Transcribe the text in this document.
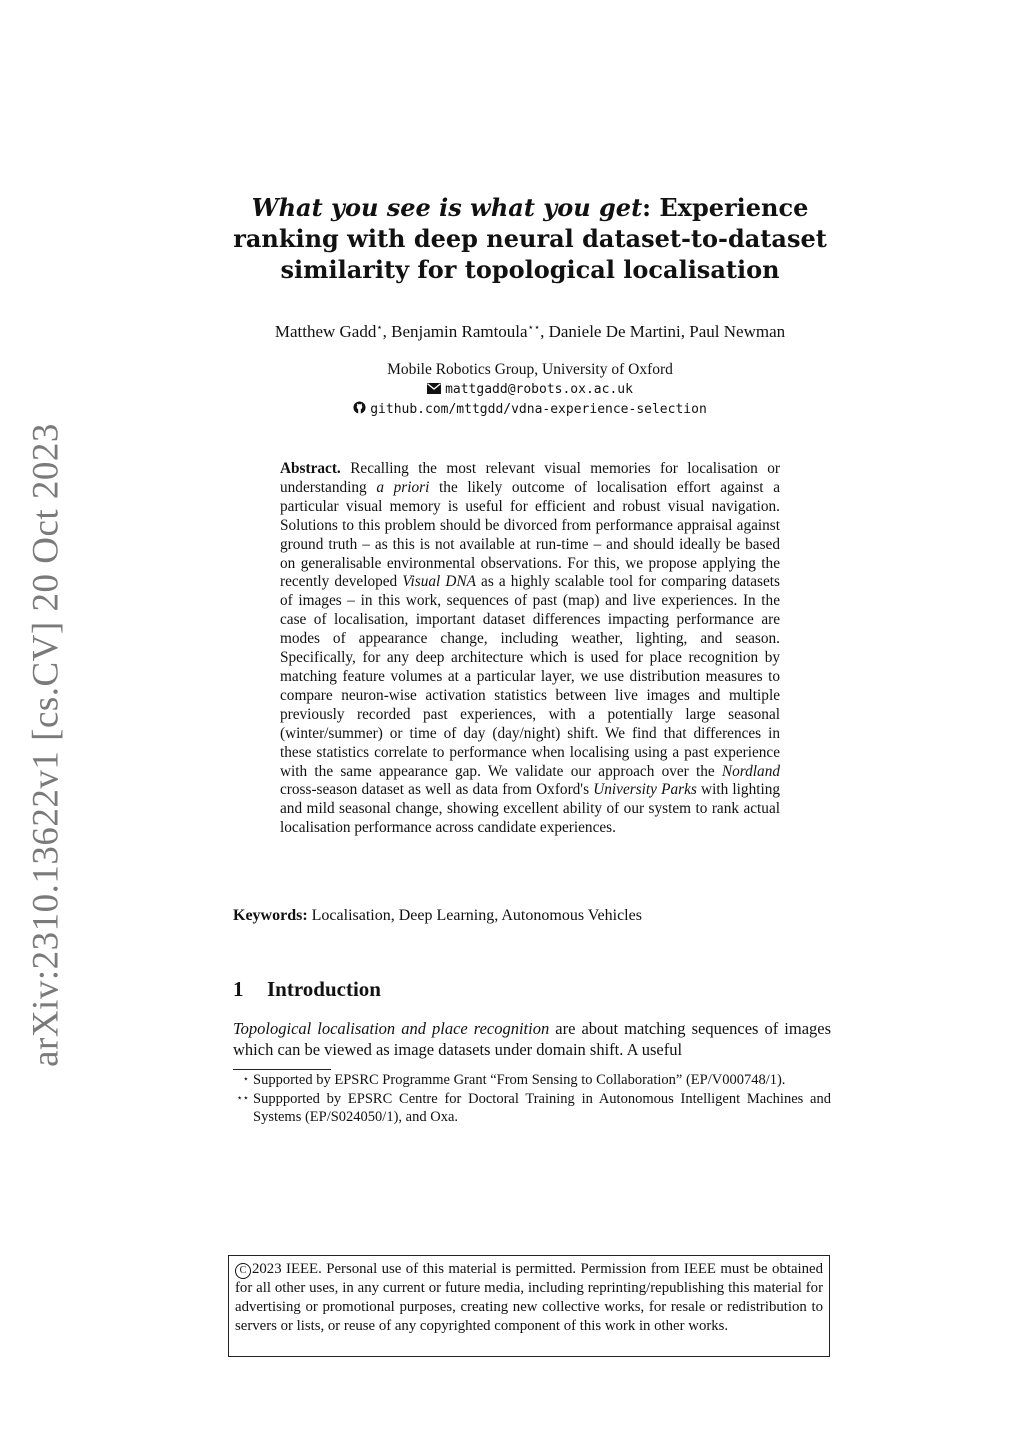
arXiv:2310.13622v1 [cs.CV] 20 Oct 2023
What you see is what you get: Experience
ranking with deep neural dataset-to-dataset
similarity for topological localisation
Matthew Gadd⋆, Benjamin Ramtoula⋆⋆, Daniele De Martini, Paul Newman
Mobile Robotics Group, University of Oxford
mattgadd@robots.ox.ac.uk
github.com/mttgdd/vdna-experience-selection
Abstract. Recalling the most relevant visual memories for localisation or understanding a priori the likely outcome of localisation effort against a particular visual memory is useful for efficient and robust visual navigation. Solutions to this problem should be divorced from performance appraisal against ground truth – as this is not available at run-time – and should ideally be based on generalisable environmental observations. For this, we propose applying the recently developed Visual DNA as a highly scalable tool for comparing datasets of images – in this work, sequences of past (map) and live experiences. In the case of localisation, important dataset differences impacting performance are modes of appearance change, including weather, lighting, and season. Specifically, for any deep architecture which is used for place recognition by matching feature volumes at a particular layer, we use distribution measures to compare neuron-wise activation statistics between live images and multiple previously recorded past experiences, with a potentially large seasonal (winter/summer) or time of day (day/night) shift. We find that differences in these statistics correlate to performance when localising using a past experience with the same appearance gap. We validate our approach over the Nordland cross-season dataset as well as data from Oxford's University Parks with lighting and mild seasonal change, showing excellent ability of our system to rank actual localisation performance across candidate experiences.
Keywords: Localisation, Deep Learning, Autonomous Vehicles
1 Introduction
Topological localisation and place recognition are about matching sequences of images which can be viewed as image datasets under domain shift. A useful
⋆ Supported by EPSRC Programme Grant “From Sensing to Collaboration” (EP/V000748/1).
⋆⋆ Suppported by EPSRC Centre for Doctoral Training in Autonomous Intelligent Machines and Systems (EP/S024050/1), and Oxa.
C 2023 IEEE. Personal use of this material is permitted. Permission from IEEE must be obtained for all other uses, in any current or future media, including reprinting/republishing this material for advertising or promotional purposes, creating new collective works, for resale or redistribution to servers or lists, or reuse of any copyrighted component of this work in other works.
